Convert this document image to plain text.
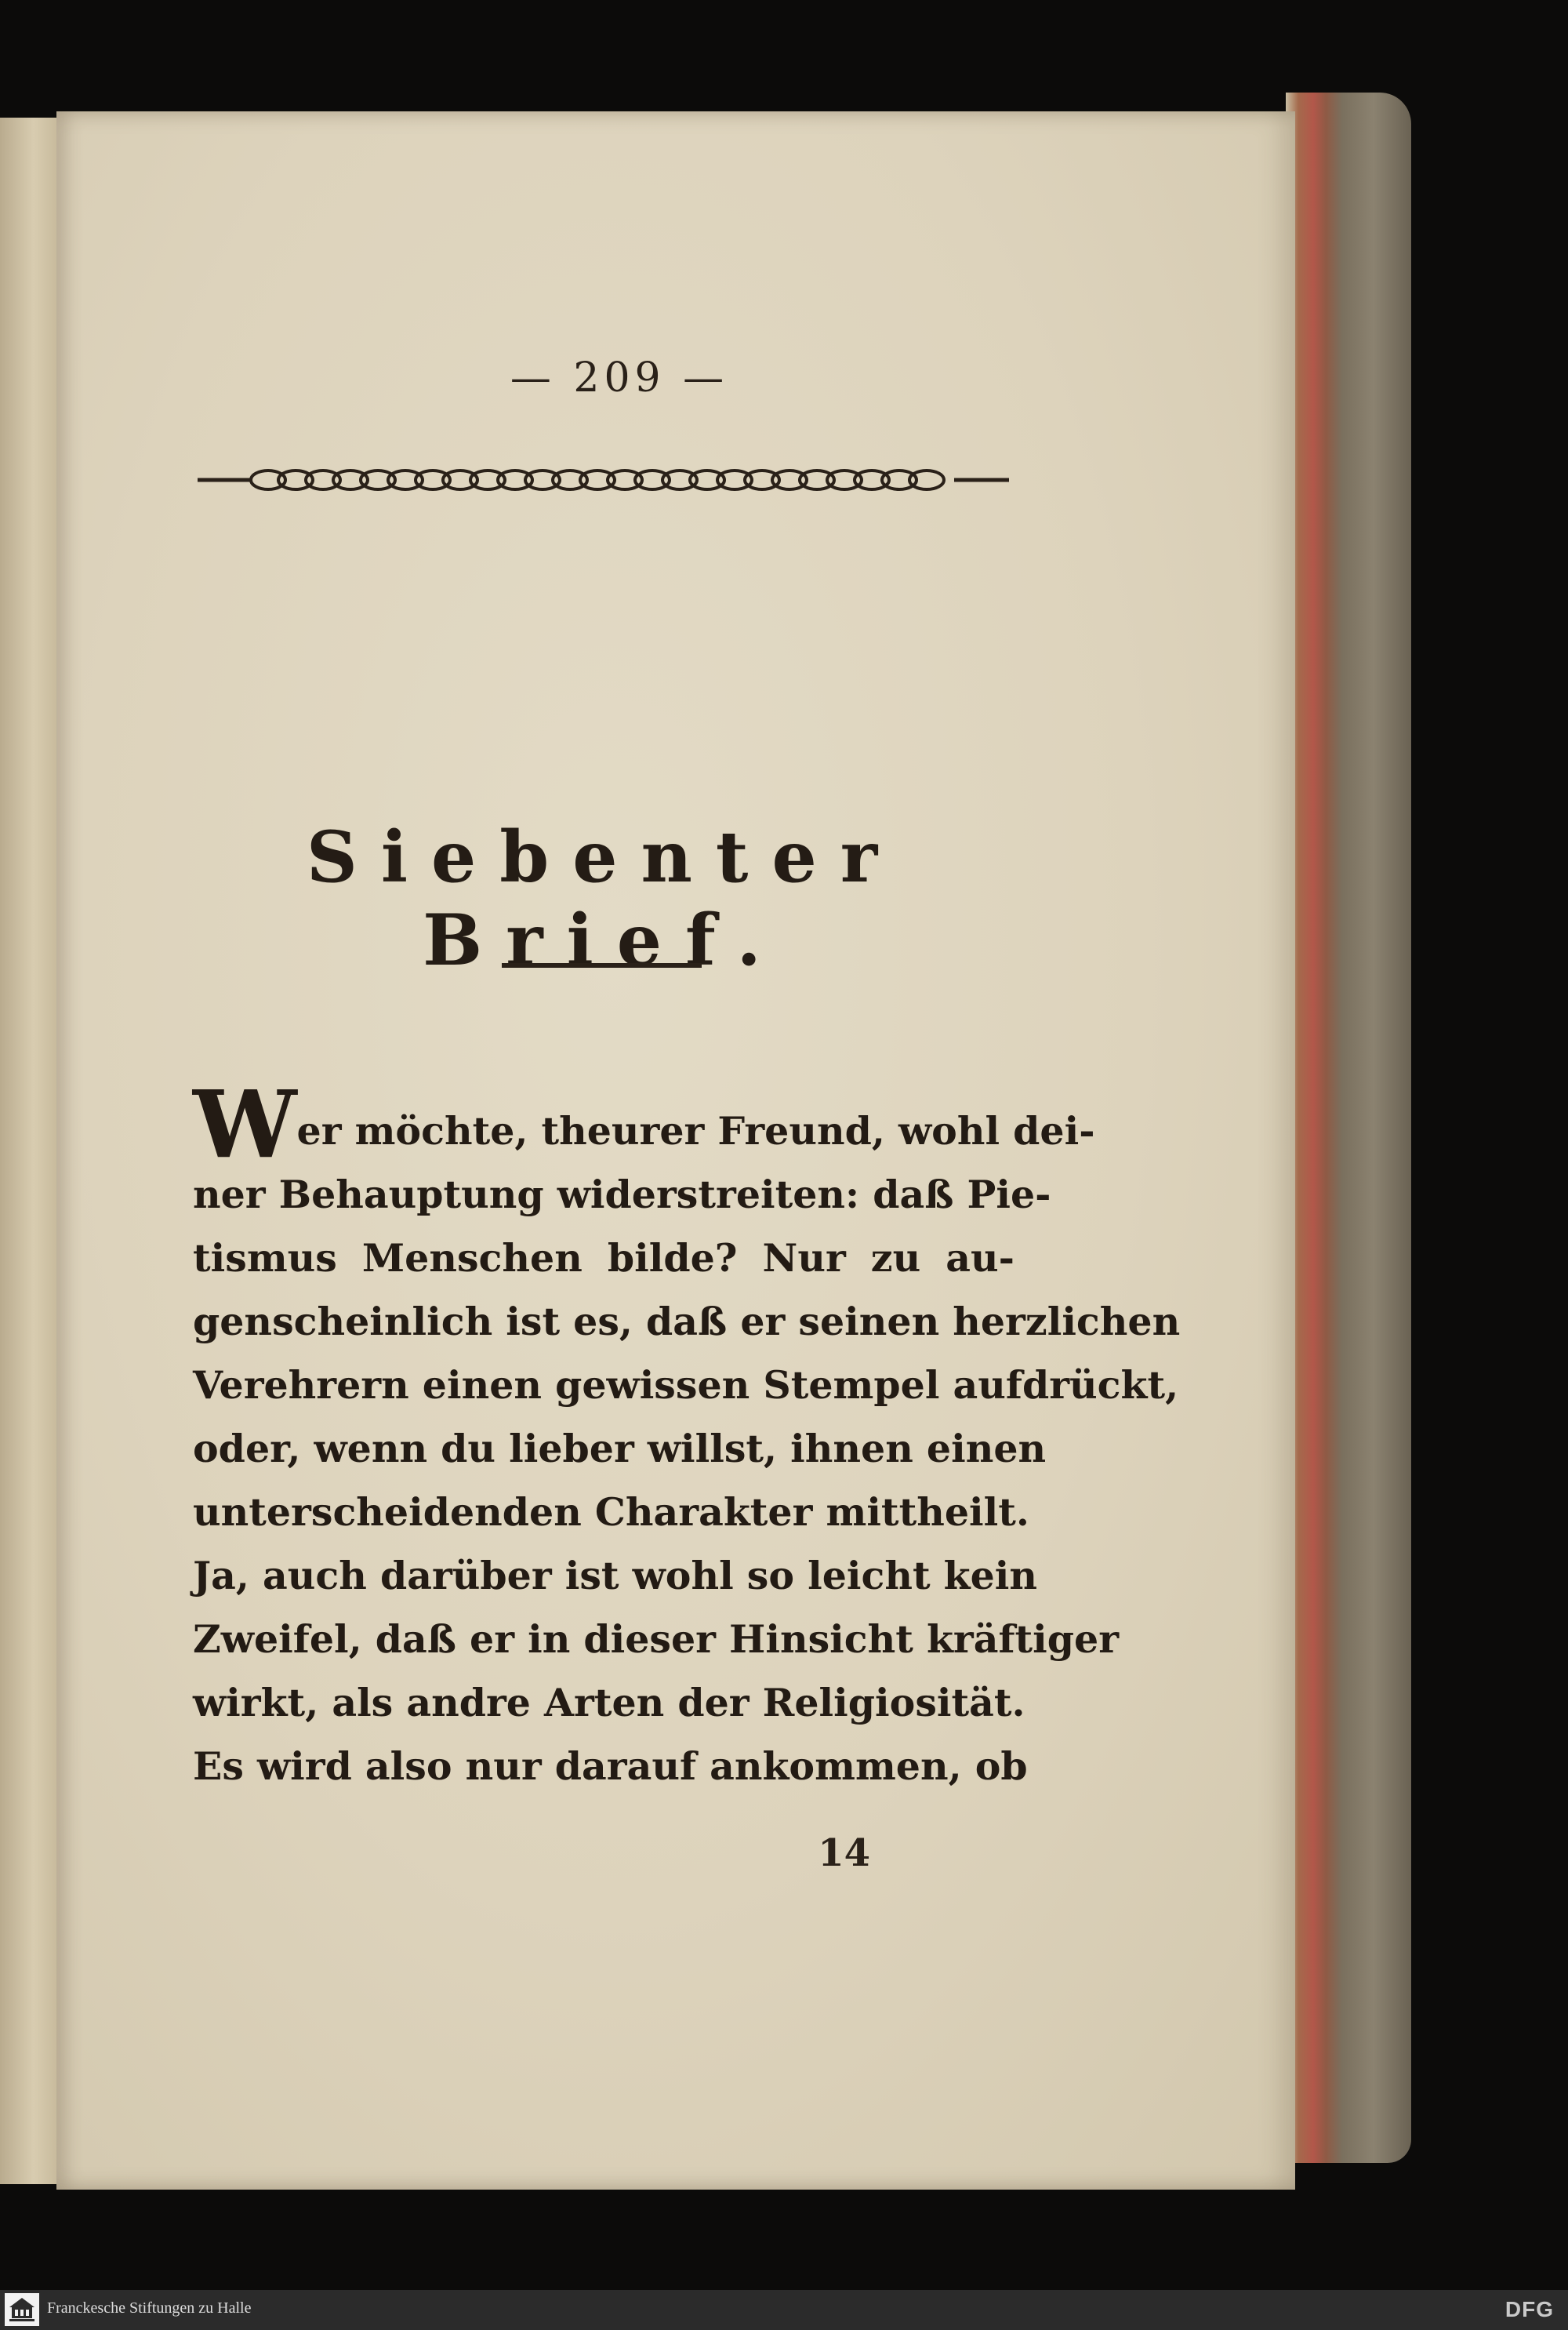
— 209 —
Siebenter Brief.
Wer möchte, theurer Freund, wohl dei-
ner Behauptung widerstreiten: daß Pie-
tismus Menschen bilde? Nur zu au-
genscheinlich ist es, daß er seinen herzlichen
Verehrern einen gewissen Stempel aufdrückt,
oder, wenn du lieber willst, ihnen einen
unterscheidenden Charakter mittheilt.
Ja, auch darüber ist wohl so leicht kein
Zweifel, daß er in dieser Hinsicht kräftiger
wirkt, als andre Arten der Religiosität.
Es wird also nur darauf ankommen, ob
14
Franckesche Stiftungen zu Halle	DFG
